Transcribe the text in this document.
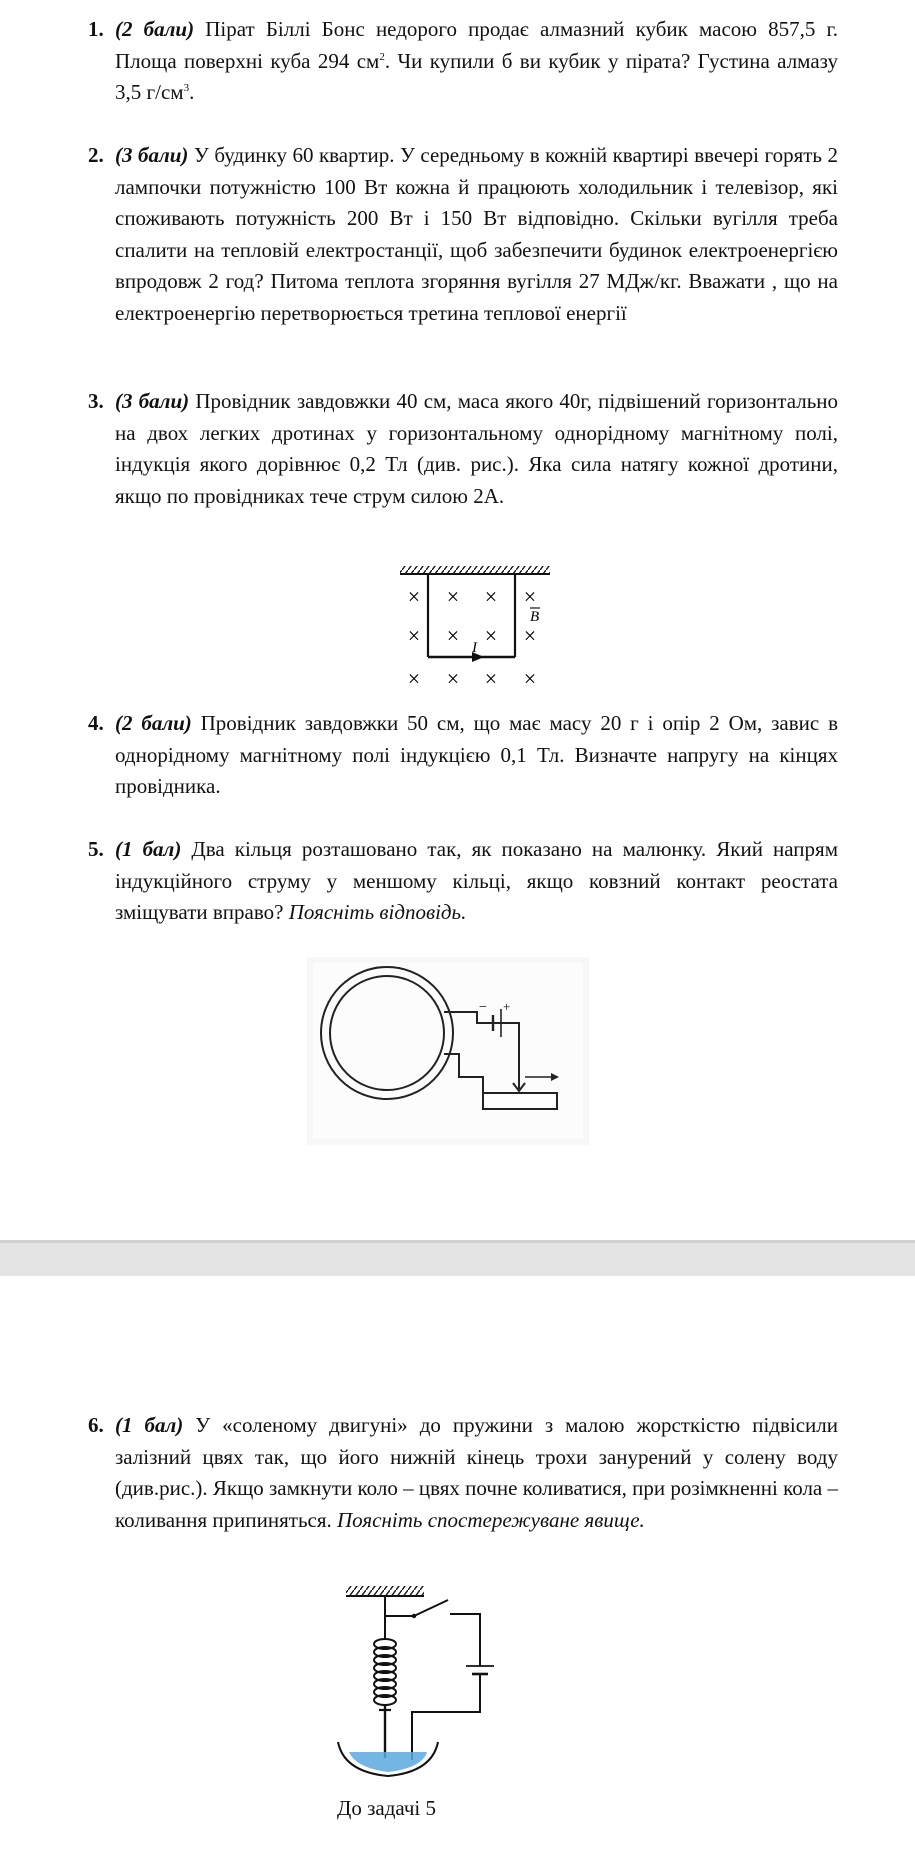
1. (2 бали) Пірат Біллі Бонс недорого продає алмазний кубик масою 857,5 г. Площа поверхні куба 294 $см^2$. Чи купили б ви кубик у пірата? Густина алмазу 3,5 $г/см^3$.
2. (3 бали) У будинку 60 квартир. У середньому в кожній квартирі ввечері горять 2 лампочки потужністю 100 Вт кожна й працюють холодильник і телевізор, які споживають потужність 200 Вт і 150 Вт відповідно. Скільки вугілля треба спалити на тепловій електростанції, щоб забезпечити будинок електроенергією впродовж 2 год? Питома теплота згоряння вугілля 27 МДж/кг. Вважати , що на електроенергію перетворюється третина теплової енергії
3. (3 бали) Провідник завдовжки 40 см, маса якого 40г, підвішений горизонтально на двох легких дротинах у горизонтальному однорідному магнітному полі, індукція якого дорівнює 0,2 Тл (див. рис.). Яка сила натягу кожної дротини, якщо по провідниках тече струм силою 2А.
I
B
× × × ×
× × × ×
× × × ×
4. (2 бали) Провідник завдовжки 50 см, що має масу 20 г і опір 2 Ом, завис в однорідному магнітному полі індукцією 0,1 Тл. Визначте напругу на кінцях провідника.
5. (1 бал) Два кільця розташовано так, як показано на малюнку. Який напрям індукційного струму у меншому кільці, якщо ковзний контакт реостата зміщувати вправо? Поясніть відповідь.
− +
6. (1 бал) У «соленому двигуні» до пружини з малою жорсткістю підвісили залізний цвях так, що його нижній кінець трохи занурений у солену воду (див.рис.). Якщо замкнути коло – цвях почне коливатися, при розімкненні кола –коливання припиняться. Поясніть спостережуване явище.
До задачі 5
